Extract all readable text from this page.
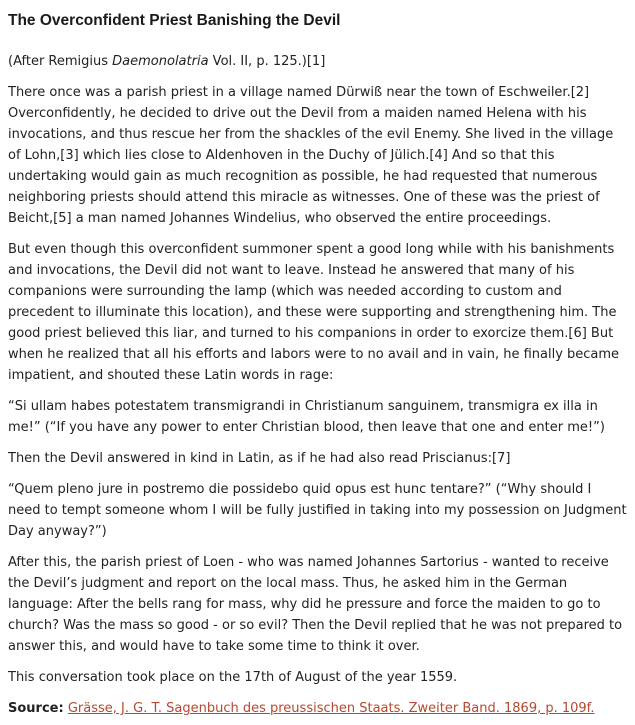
The Overconfident Priest Banishing the Devil

(After Remigius Daemonolatria Vol. II, p. 125.)[1]

There once was a parish priest in a village named Dürwiß near the town of Eschweiler.[2] Overconfidently, he decided to drive out the Devil from a maiden named Helena with his invocations, and thus rescue her from the shackles of the evil Enemy. She lived in the village of Lohn,[3] which lies close to Aldenhoven in the Duchy of Jülich.[4] And so that this undertaking would gain as much recognition as possible, he had requested that numerous neighboring priests should attend this miracle as witnesses. One of these was the priest of Beicht,[5] a man named Johannes Windelius, who observed the entire proceedings.

But even though this overconfident summoner spent a good long while with his banishments and invocations, the Devil did not want to leave. Instead he answered that many of his companions were surrounding the lamp (which was needed according to custom and precedent to illuminate this location), and these were supporting and strengthening him. The good priest believed this liar, and turned to his companions in order to exorcize them.[6] But when he realized that all his efforts and labors were to no avail and in vain, he finally became impatient, and shouted these Latin words in rage:

“Si ullam habes potestatem transmigrandi in Christianum sanguinem, transmigra ex illa in me!” (“If you have any power to enter Christian blood, then leave that one and enter me!”)

Then the Devil answered in kind in Latin, as if he had also read Priscianus:[7]

“Quem pleno jure in postremo die possidebo quid opus est hunc tentare?” (“Why should I need to tempt someone whom I will be fully justified in taking into my possession on Judgment Day anyway?”)

After this, the parish priest of Loen - who was named Johannes Sartorius - wanted to receive the Devil’s judgment and report on the local mass. Thus, he asked him in the German language: After the bells rang for mass, why did he pressure and force the maiden to go to church? Was the mass so good - or so evil? Then the Devil replied that he was not prepared to answer this, and would have to take some time to think it over.

This conversation took place on the 17th of August of the year 1559.

Source: Grässe, J. G. T. Sagenbuch des preussischen Staats. Zweiter Band. 1869, p. 109f.
